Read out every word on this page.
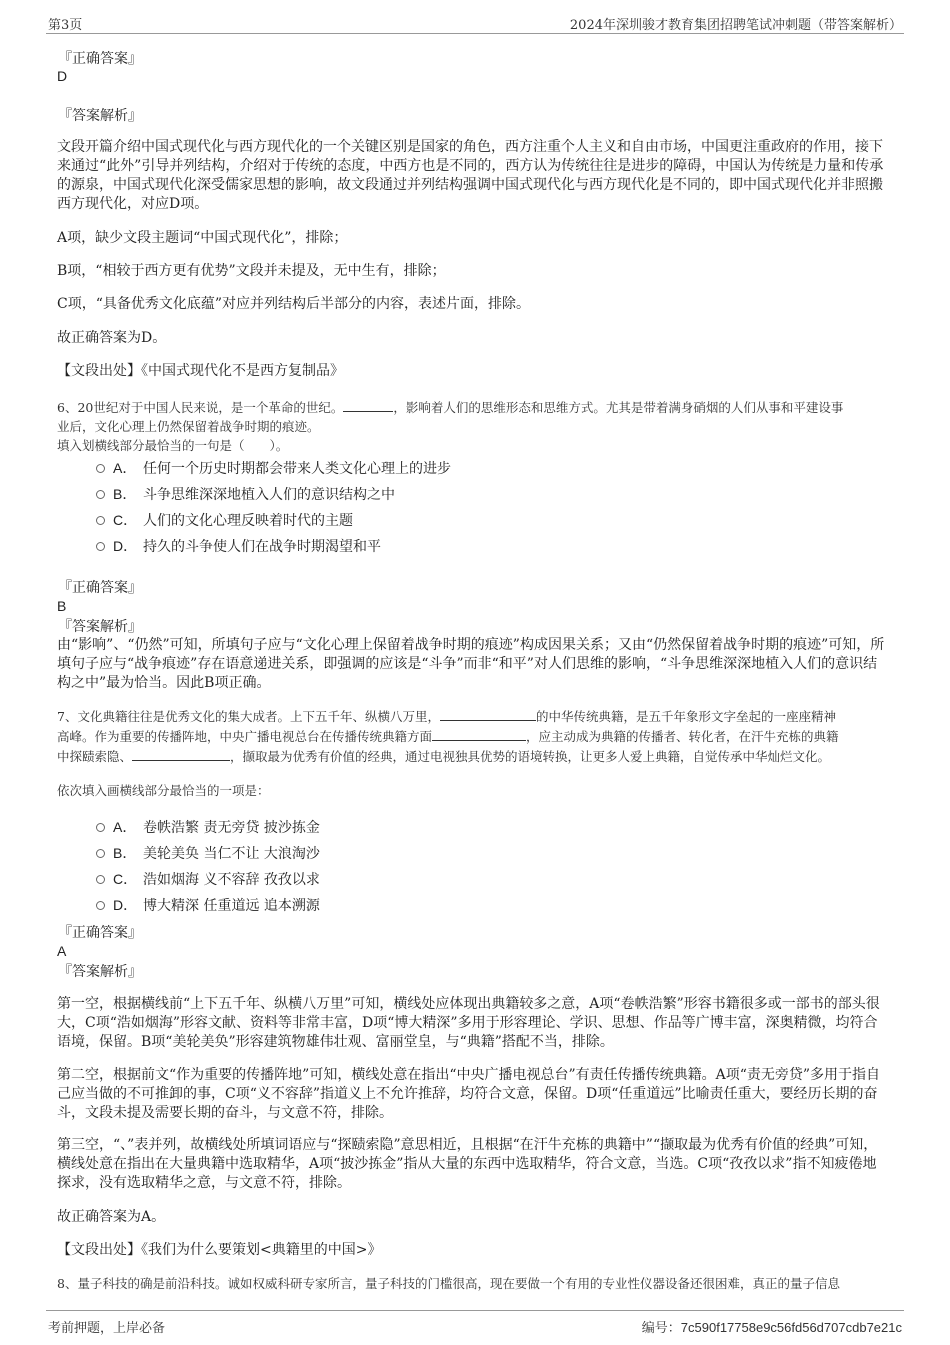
第3页	2024年深圳骏才教育集团招聘笔试冲刺题（带答案解析）
『正确答案』
D
『答案解析』
文段开篇介绍中国式现代化与西方现代化的一个关键区别是国家的角色，西方注重个人主义和自由市场，中国更注重政府的作用，接下来通过“此外”引导并列结构，介绍对于传统的态度，中西方也是不同的，西方认为传统往往是进步的障碍，中国认为传统是力量和传承的源泉，中国式现代化深受儒家思想的影响，故文段通过并列结构强调中国式现代化与西方现代化是不同的，即中国式现代化并非照搬西方现代化，对应D项。
A项，缺少文段主题词“中国式现代化”，排除；
B项，“相较于西方更有优势”文段并未提及，无中生有，排除；
C项，“具备优秀文化底蕴”对应并列结构后半部分的内容，表述片面，排除。
故正确答案为D。
【文段出处】《中国式现代化不是西方复制品》
6、20世纪对于中国人民来说，是一个革命的世纪。	，影响着人们的思维形态和思维方式。尤其是带着满身硝烟的人们从事和平建设事
业后，文化心理上仍然保留着战争时期的痕迹。
填入划横线部分最恰当的一句是（　　）。
A． 任何一个历史时期都会带来人类文化心理上的进步
B． 斗争思维深深地植入人们的意识结构之中
C． 人们的文化心理反映着时代的主题
D． 持久的斗争使人们在战争时期渴望和平
『正确答案』
B
『答案解析』
由“影响”、“仍然”可知，所填句子应与“文化心理上保留着战争时期的痕迹”构成因果关系；又由“仍然保留着战争时期的痕迹”可知，所填句子应与“战争痕迹”存在语意递进关系，即强调的应该是“斗争”而非“和平”对人们思维的影响，“斗争思维深深地植入人们的意识结构之中”最为恰当。因此B项正确。
7、文化典籍往往是优秀文化的集大成者。上下五千年、纵横八万里，	的中华传统典籍，是五千年象形文字垒起的一座座精神
高峰。作为重要的传播阵地，中央广播电视总台在传播传统典籍方面	，应主动成为典籍的传播者、转化者，在汗牛充栋的典籍
中探赜索隐、	，撷取最为优秀有价值的经典，通过电视独具优势的语境转换，让更多人爱上典籍，自觉传承中华灿烂文化。
依次填入画横线部分最恰当的一项是：
A． 卷帙浩繁 责无旁贷 披沙拣金
B． 美轮美奂 当仁不让 大浪淘沙
C． 浩如烟海 义不容辞 孜孜以求
D． 博大精深 任重道远 追本溯源
『正确答案』
A
『答案解析』
第一空，根据横线前“上下五千年、纵横八万里”可知，横线处应体现出典籍较多之意，A项“卷帙浩繁”形容书籍很多或一部书的部头很大，C项“浩如烟海”形容文献、资料等非常丰富，D项“博大精深”多用于形容理论、学识、思想、作品等广博丰富，深奥精微，均符合语境，保留。B项“美轮美奂”形容建筑物雄伟壮观、富丽堂皇，与“典籍”搭配不当，排除。
第二空，根据前文“作为重要的传播阵地”可知，横线处意在指出“中央广播电视总台”有责任传播传统典籍。A项“责无旁贷”多用于指自己应当做的不可推卸的事，C项“义不容辞”指道义上不允许推辞，均符合文意，保留。D项“任重道远”比喻责任重大，要经历长期的奋斗，文段未提及需要长期的奋斗，与文意不符，排除。
第三空，“、”表并列，故横线处所填词语应与“探赜索隐”意思相近，且根据“在汗牛充栋的典籍中”“撷取最为优秀有价值的经典”可知，横线处意在指出在大量典籍中选取精华，A项“披沙拣金”指从大量的东西中选取精华，符合文意，当选。C项“孜孜以求”指不知疲倦地探求，没有选取精华之意，与文意不符，排除。
故正确答案为A。
【文段出处】《我们为什么要策划<典籍里的中国>》
8、量子科技的确是前沿科技。诚如权威科研专家所言，量子科技的门槛很高，现在要做一个有用的专业性仪器设备还很困难，真正的量子信息
考前押题，上岸必备	编号：7c590f17758e9c56fd56d707cdb7e21c
